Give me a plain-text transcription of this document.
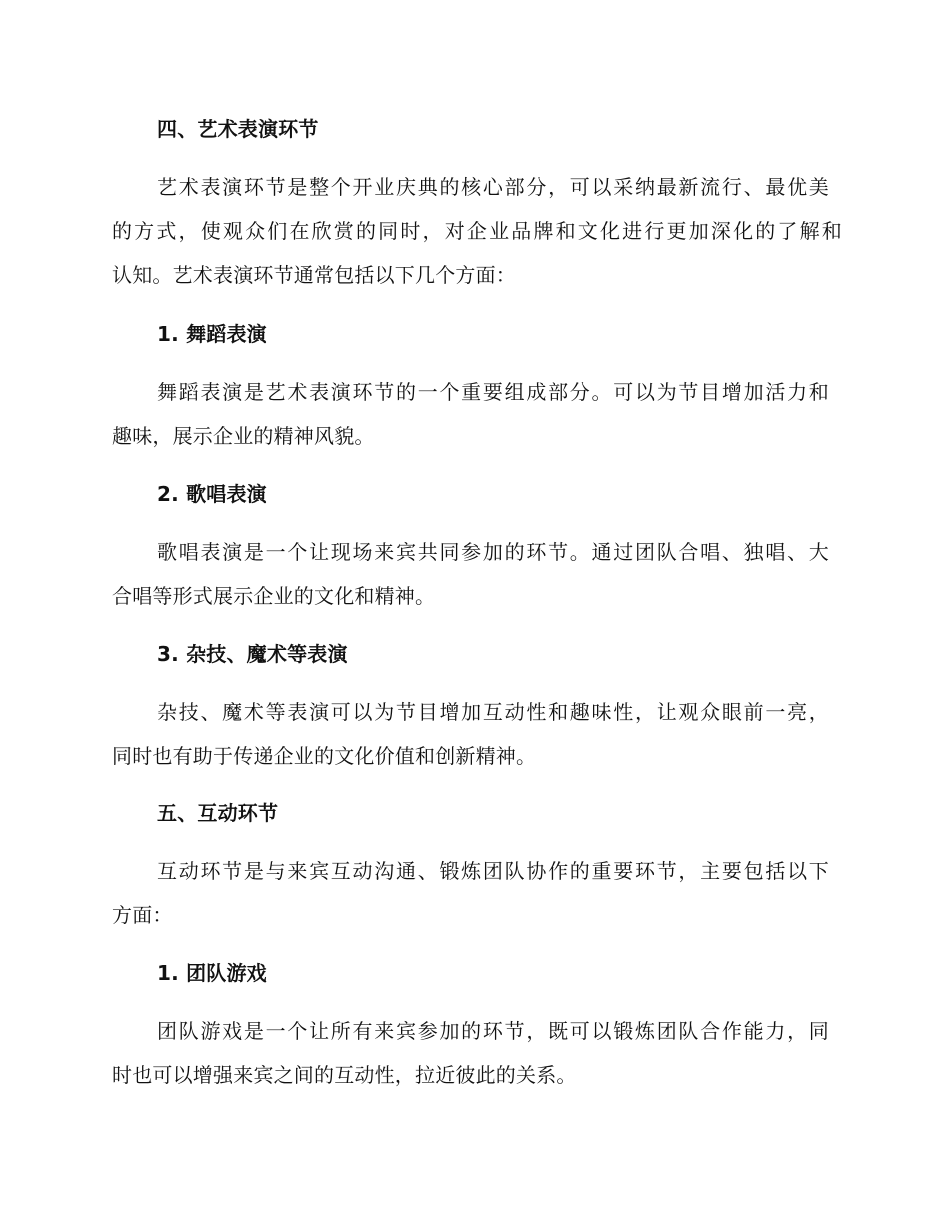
四、艺术表演环节
艺术表演环节是整个开业庆典的核心部分，可以采纳最新流行、最优美
的方式，使观众们在欣赏的同时，对企业品牌和文化进行更加深化的了解和
认知。艺术表演环节通常包括以下几个方面：
1. 舞蹈表演
舞蹈表演是艺术表演环节的一个重要组成部分。可以为节目增加活力和
趣味，展示企业的精神风貌。
2. 歌唱表演
歌唱表演是一个让现场来宾共同参加的环节。通过团队合唱、独唱、大
合唱等形式展示企业的文化和精神。
3. 杂技、魔术等表演
杂技、魔术等表演可以为节目增加互动性和趣味性，让观众眼前一亮，
同时也有助于传递企业的文化价值和创新精神。
五、互动环节
互动环节是与来宾互动沟通、锻炼团队协作的重要环节，主要包括以下
方面：
1. 团队游戏
团队游戏是一个让所有来宾参加的环节，既可以锻炼团队合作能力，同
时也可以增强来宾之间的互动性，拉近彼此的关系。
